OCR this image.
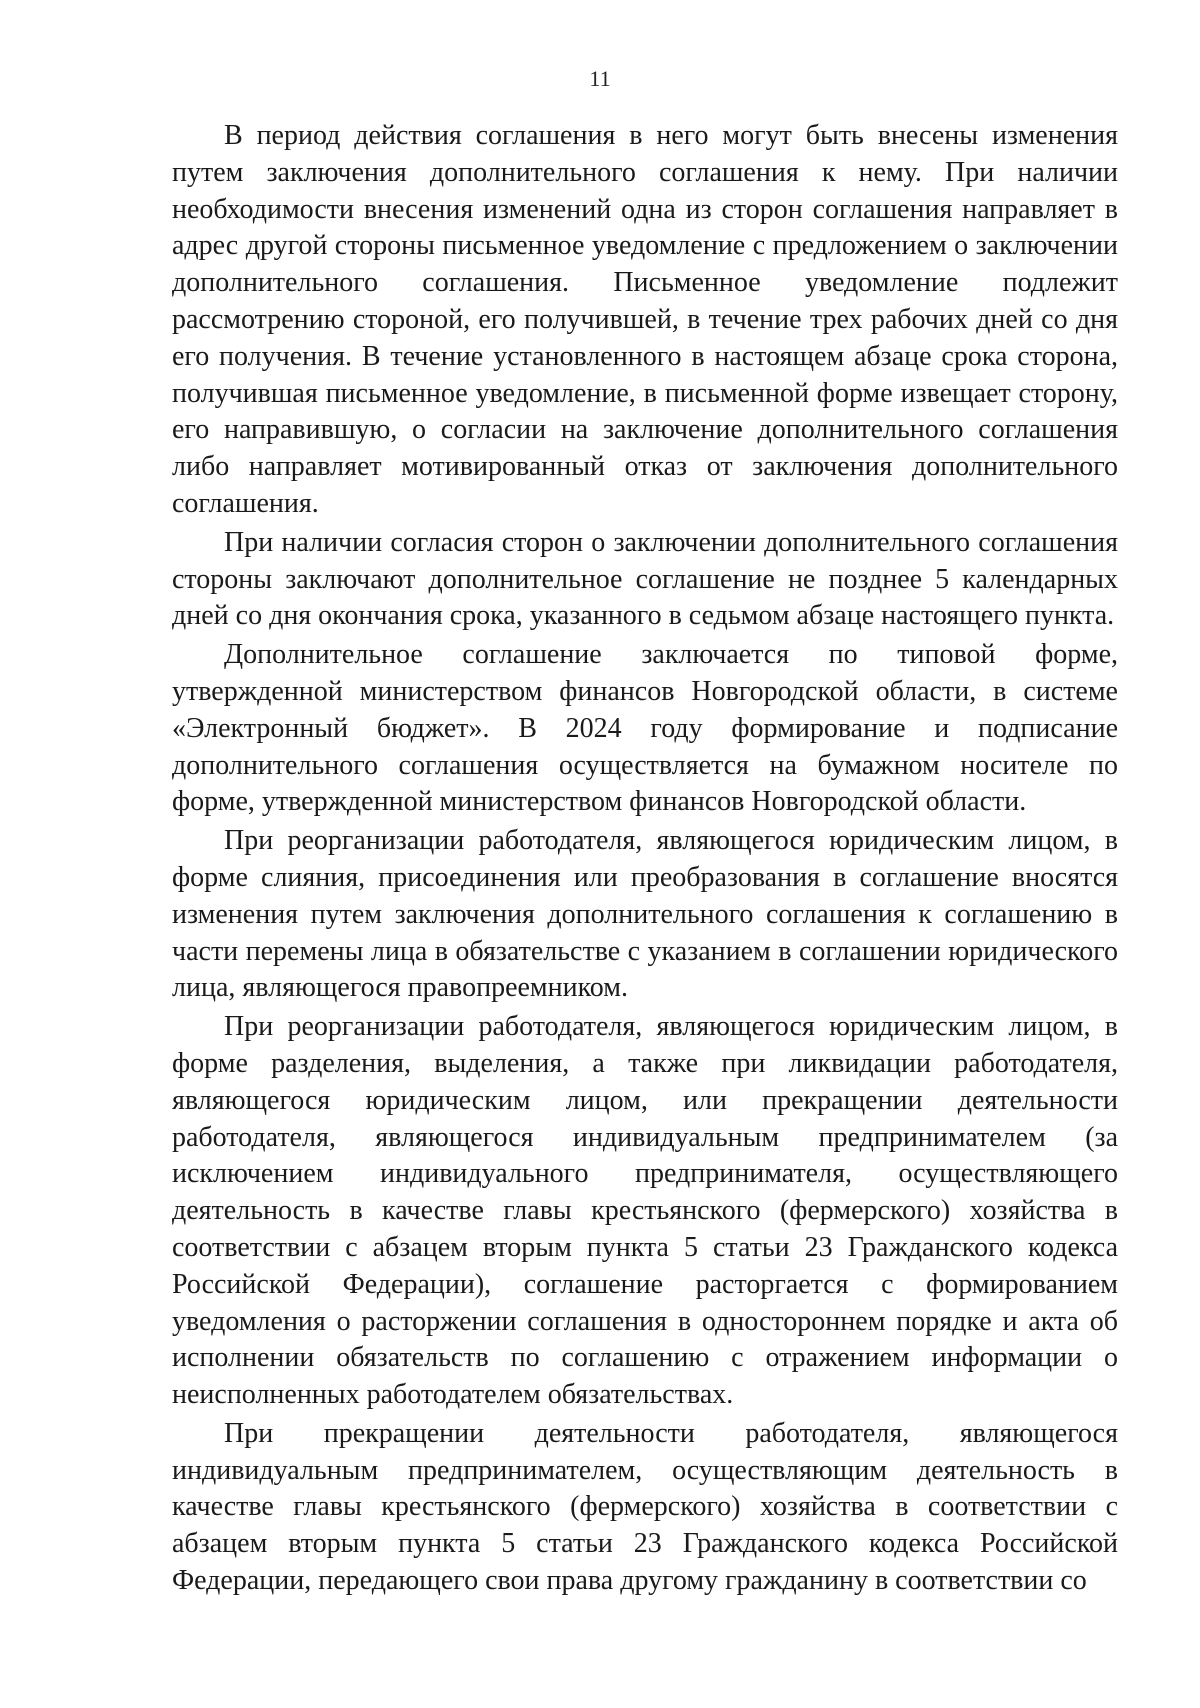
11

В период действия соглашения в него могут быть внесены изменения путем заключения дополнительного соглашения к нему. При наличии необходимости внесения изменений одна из сторон соглашения направляет в адрес другой стороны письменное уведомление с предложением о заключении дополнительного соглашения. Письменное уведомление подлежит рассмотрению стороной, его получившей, в течение трех рабочих дней со дня его получения. В течение установленного в настоящем абзаце срока сторона, получившая письменное уведомление, в письменной форме извещает сторону, его направившую, о согласии на заключение дополнительного соглашения либо направляет мотивированный отказ от заключения дополнительного соглашения.

При наличии согласия сторон о заключении дополнительного соглашения стороны заключают дополнительное соглашение не позднее 5 календарных дней со дня окончания срока, указанного в седьмом абзаце настоящего пункта.

Дополнительное соглашение заключается по типовой форме, утвержденной министерством финансов Новгородской области, в системе «Электронный бюджет». В 2024 году формирование и подписание дополнительного соглашения осуществляется на бумажном носителе по форме, утвержденной министерством финансов Новгородской области.

При реорганизации работодателя, являющегося юридическим лицом, в форме слияния, присоединения или преобразования в соглашение вносятся изменения путем заключения дополнительного соглашения к соглашению в части перемены лица в обязательстве с указанием в соглашении юридического лица, являющегося правопреемником.

При реорганизации работодателя, являющегося юридическим лицом, в форме разделения, выделения, а также при ликвидации работодателя, являющегося юридическим лицом, или прекращении деятельности работодателя, являющегося индивидуальным предпринимателем (за исключением индивидуального предпринимателя, осуществляющего деятельность в качестве главы крестьянского (фермерского) хозяйства в соответствии с абзацем вторым пункта 5 статьи 23 Гражданского кодекса Российской Федерации), соглашение расторгается с формированием уведомления о расторжении соглашения в одностороннем порядке и акта об исполнении обязательств по соглашению с отражением информации о неисполненных работодателем обязательствах.

При прекращении деятельности работодателя, являющегося индивидуальным предпринимателем, осуществляющим деятельность в качестве главы крестьянского (фермерского) хозяйства в соответствии с абзацем вторым пункта 5 статьи 23 Гражданского кодекса Российской Федерации, передающего свои права другому гражданину в соответствии со
